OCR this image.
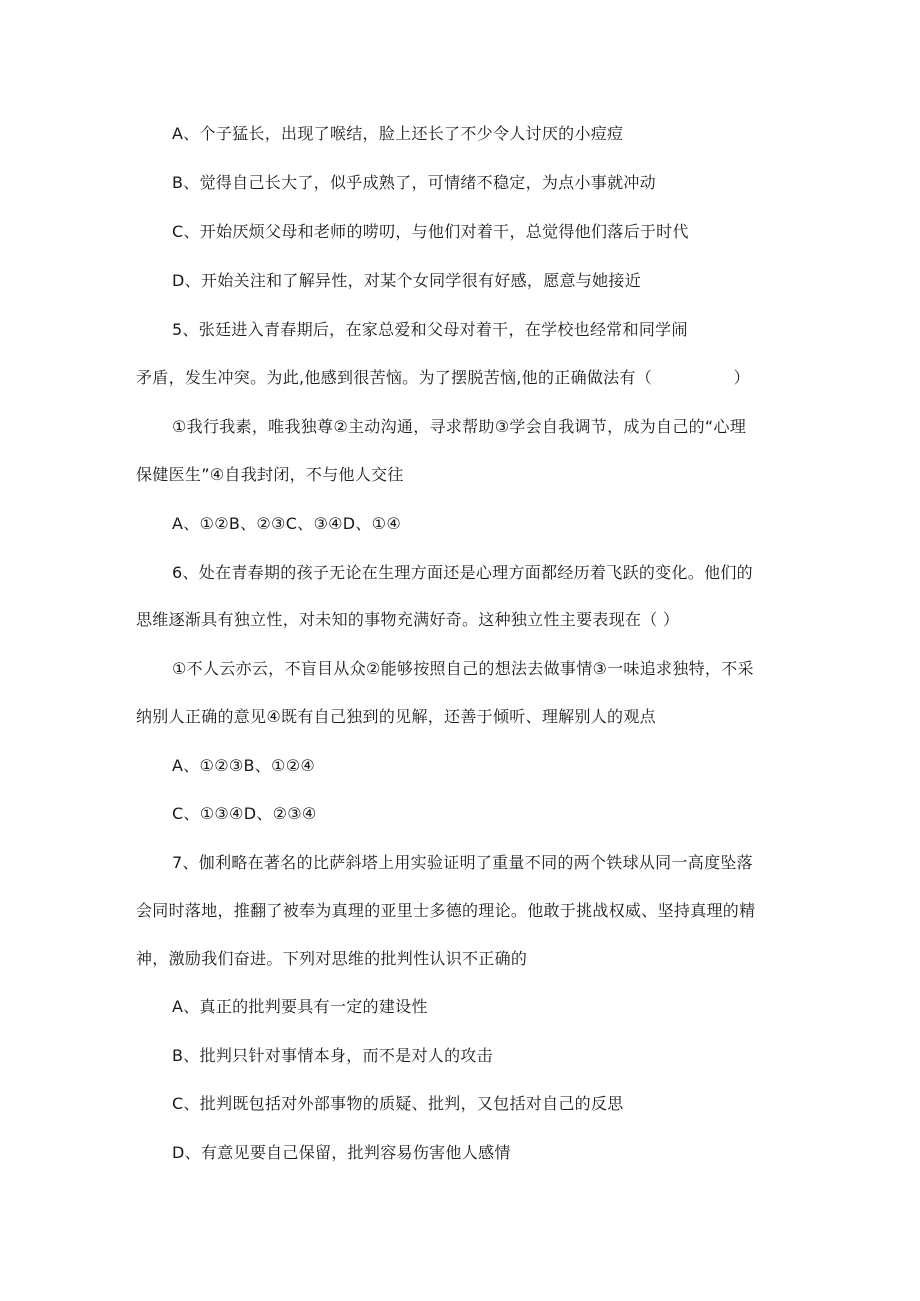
A、个子猛长，出现了喉结，脸上还长了不少令人讨厌的小痘痘
B、觉得自己长大了，似乎成熟了，可情绪不稳定，为点小事就冲动
C、开始厌烦父母和老师的唠叨，与他们对着干，总觉得他们落后于时代
D、开始关注和了解异性，对某个女同学很有好感，愿意与她接近
5、张廷进入青春期后，在家总爱和父母对着干，在学校也经常和同学闹
矛盾，发生冲突。为此,他感到很苦恼。为了摆脱苦恼,他的正确做法有（　　　　　）
①我行我素，唯我独尊②主动沟通，寻求帮助③学会自我调节，成为自己的“心理
保健医生”④自我封闭，不与他人交往
A、①②B、②③C、③④D、①④
6、处在青春期的孩子无论在生理方面还是心理方面都经历着飞跃的变化。他们的
思维逐渐具有独立性，对未知的事物充满好奇。这种独立性主要表现在（ ）
①不人云亦云，不盲目从众②能够按照自己的想法去做事情③一味追求独特，不采
纳别人正确的意见④既有自己独到的见解，还善于倾听、理解别人的观点
A、①②③B、①②④
C、①③④D、②③④
7、伽利略在著名的比萨斜塔上用实验证明了重量不同的两个铁球从同一高度坠落
会同时落地，推翻了被奉为真理的亚里士多德的理论。他敢于挑战权威、坚持真理的精
神，激励我们奋进。下列对思维的批判性认识不正确的
A、真正的批判要具有一定的建设性
B、批判只针对事情本身，而不是对人的攻击
C、批判既包括对外部事物的质疑、批判，又包括对自己的反思
D、有意见要自己保留，批判容易伤害他人感情
